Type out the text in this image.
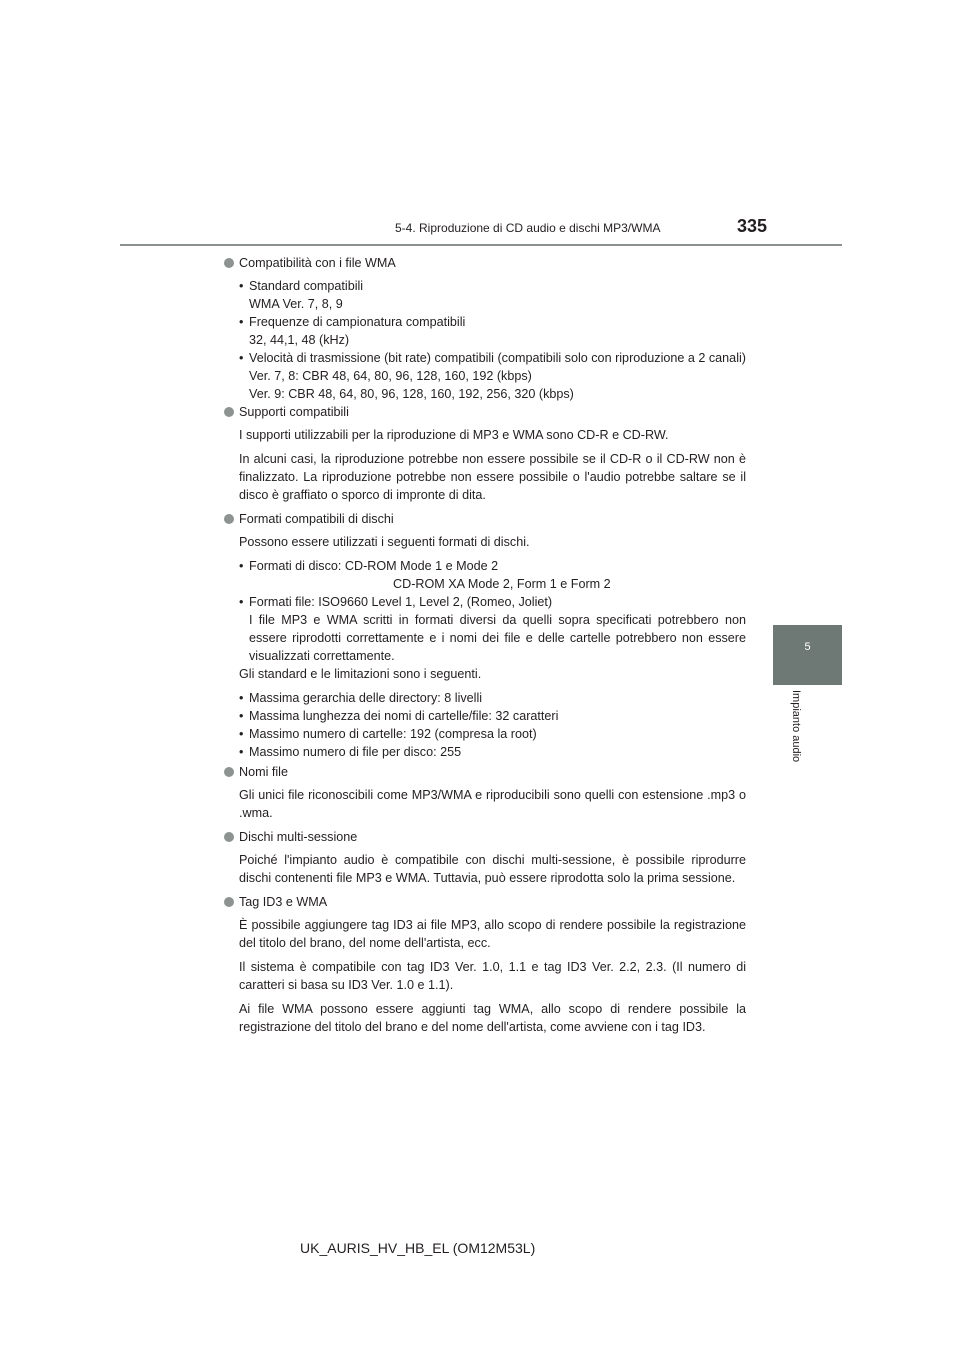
5-4. Riproduzione di CD audio e dischi MP3/WMA	335
5
Impianto audio
Compatibilità con i file WMA
• Standard compatibili
WMA Ver. 7, 8, 9
• Frequenze di campionatura compatibili
32, 44,1, 48 (kHz)
• Velocità di trasmissione (bit rate) compatibili (compatibili solo con riproduzione a 2 canali)
Ver. 7, 8: CBR 48, 64, 80, 96, 128, 160, 192 (kbps)
Ver. 9: CBR 48, 64, 80, 96, 128, 160, 192, 256, 320 (kbps)
Supporti compatibili

I supporti utilizzabili per la riproduzione di MP3 e WMA sono CD-R e CD-RW.

In alcuni casi, la riproduzione potrebbe non essere possibile se il CD-R o il CD-RW non è finalizzato. La riproduzione potrebbe non essere possibile o l'audio potrebbe saltare se il disco è graffiato o sporco di impronte di dita.

Formati compatibili di dischi

Possono essere utilizzati i seguenti formati di dischi.

• Formati di disco: CD-ROM Mode 1 e Mode 2
CD-ROM XA Mode 2, Form 1 e Form 2
• Formati file: ISO9660 Level 1, Level 2, (Romeo, Joliet)
I file MP3 e WMA scritti in formati diversi da quelli sopra specificati potrebbero non essere riprodotti correttamente e i nomi dei file e delle cartelle potrebbero non essere visualizzati correttamente.

Gli standard e le limitazioni sono i seguenti.

• Massima gerarchia delle directory: 8 livelli
• Massima lunghezza dei nomi di cartelle/file: 32 caratteri
• Massimo numero di cartelle: 192 (compresa la root)
• Massimo numero di file per disco: 255
Nomi file

Gli unici file riconoscibili come MP3/WMA e riproducibili sono quelli con estensione .mp3 o .wma.

Dischi multi-sessione

Poiché l'impianto audio è compatibile con dischi multi-sessione, è possibile riprodurre dischi contenenti file MP3 e WMA. Tuttavia, può essere riprodotta solo la prima sessione.

Tag ID3 e WMA

È possibile aggiungere tag ID3 ai file MP3, allo scopo di rendere possibile la registrazione del titolo del brano, del nome dell'artista, ecc.

Il sistema è compatibile con tag ID3 Ver. 1.0, 1.1 e tag ID3 Ver. 2.2, 2.3. (Il numero di caratteri si basa su ID3 Ver. 1.0 e 1.1).

Ai file WMA possono essere aggiunti tag WMA, allo scopo di rendere possibile la registrazione del titolo del brano e del nome dell'artista, come avviene con i tag ID3.

UK_AURIS_HV_HB_EL (OM12M53L)
